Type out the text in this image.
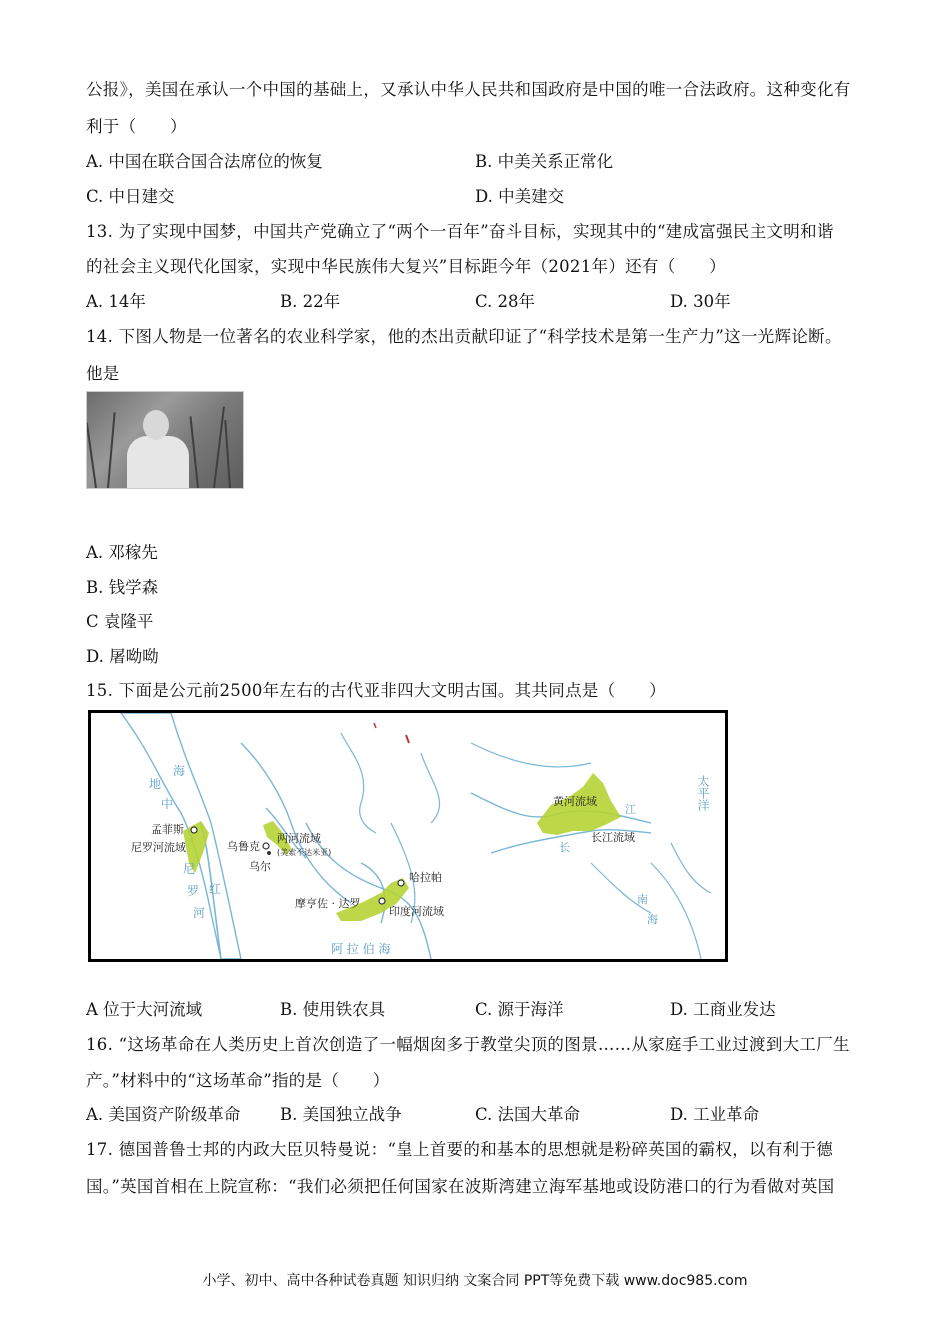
公报》，美国在承认一个中国的基础上，又承认中华人民共和国政府是中国的唯一合法政府。这种变化有
利于（　　）
A. 中国在联合国合法席位的恢复	B. 中美关系正常化
C. 中日建交	D. 中美建交
13. 为了实现中国梦，中国共产党确立了“两个一百年”奋斗目标，实现其中的“建成富强民主文明和谐
的社会主义现代化国家，实现中华民族伟大复兴”目标距今年（2021年）还有（　　）
A. 14年	B. 22年	C. 28年	D. 30年
14. 下图人物是一位著名的农业科学家，他的杰出贡献印证了“科学技术是第一生产力”这一光辉论断。
他是
A. 邓稼先
B. 钱学森
C 袁隆平
D. 屠呦呦
15. 下面是公元前2500年左右的古代亚非四大文明古国。其共同点是（　　）
孟菲斯
尼罗河流域	乌鲁克
乌尔
两河流域
(美索不达米亚)
摩亨佐 · 达罗
哈拉帕
印度河流域
黄河流域
长江流域
阿 拉 伯 海
地
中
海
尼
罗
河
红
太平洋
江
长
南
海
A 位于大河流域	B. 使用铁农具	C. 源于海洋	D. 工商业发达
16. “这场革命在人类历史上首次创造了一幅烟囱多于教堂尖顶的图景……从家庭手工业过渡到大工厂生
产。”材料中的“这场革命”指的是（　　）
A. 美国资产阶级革命 B. 美国独立战争	C. 法国大革命	D. 工业革命
17. 德国普鲁士邦的内政大臣贝特曼说：“皇上首要的和基本的思想就是粉碎英国的霸权，以有利于德
国。”英国首相在上院宣称：“我们必须把任何国家在波斯湾建立海军基地或设防港口的行为看做对英国
小学、初中、高中各种试卷真题 知识归纳 文案合同 PPT等免费下载 www.doc985.com
